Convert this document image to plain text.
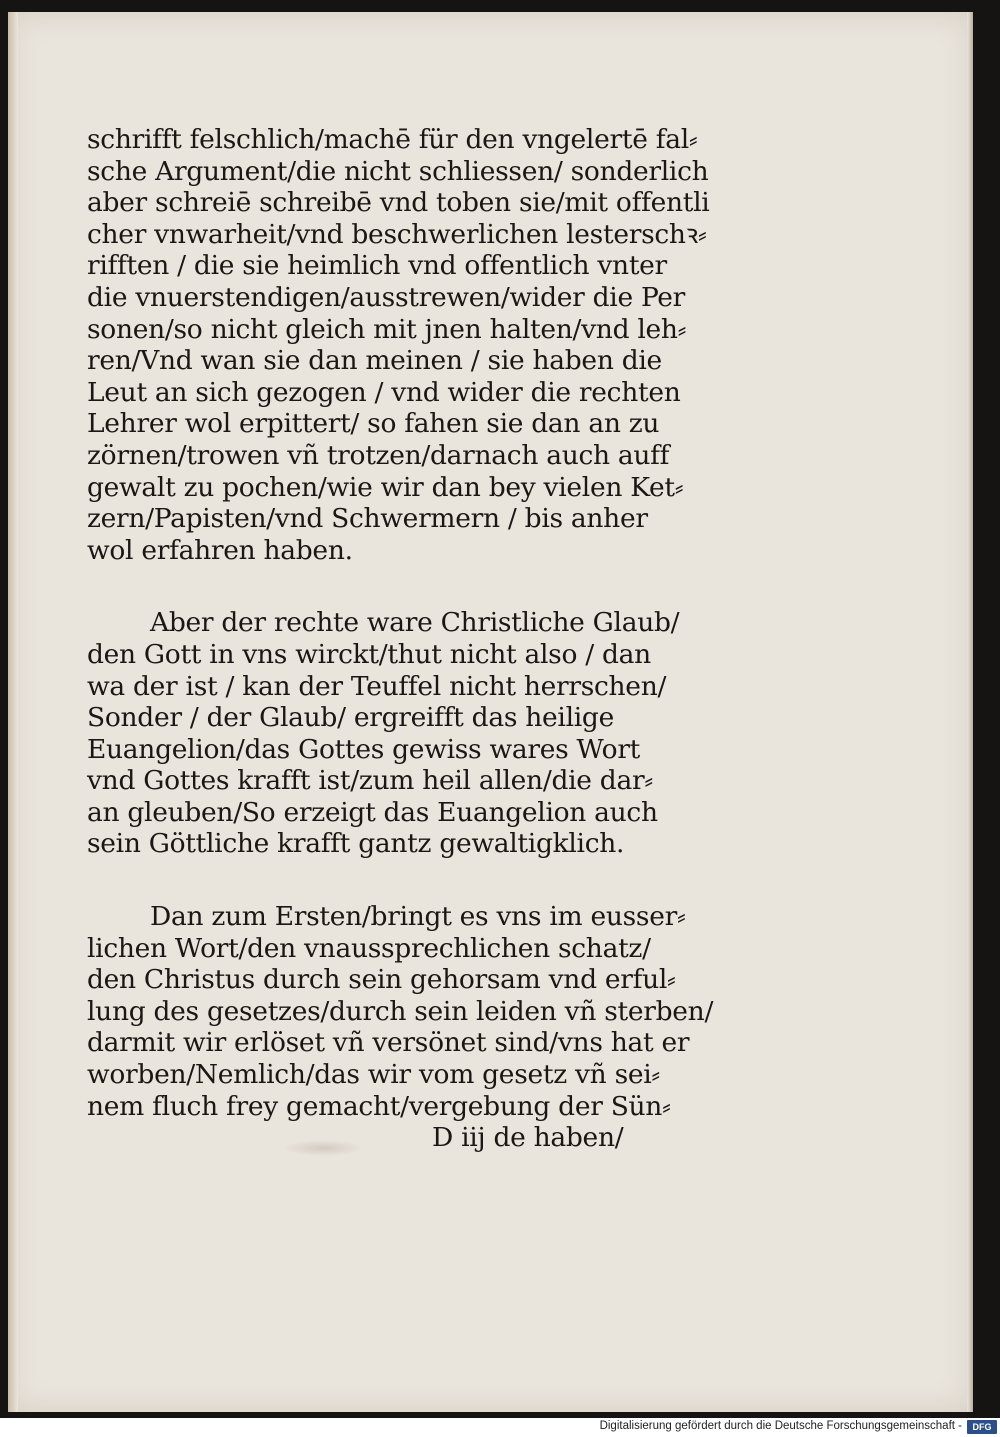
schrifft felschlich/machē für den vngelertē fal⸗
sche Argument/die nicht schliessen/ sonderlich
aber schreiē schreibē vnd toben sie/mit offentli
cher vnwarheit/vnd beschwerlichen lesterschꝛ⸗
rifften / die sie heimlich vnd offentlich vnter
die vnuerstendigen/ausstrewen/wider die Per
sonen/so nicht gleich mit jnen halten/vnd leh⸗
ren/Vnd wan sie dan meinen / sie haben die
Leut an sich gezogen / vnd wider die rechten
Lehrer wol erpittert/ so fahen sie dan an zu
zörnen/trowen vñ trotzen/darnach auch auff
gewalt zu pochen/wie wir dan bey vielen Ket⸗
zern/Papisten/vnd Schwermern / bis anher
wol erfahren haben.
Aber der rechte ware Christliche Glaub/
den Gott in vns wirckt/thut nicht also / dan
wa der ist / kan der Teuffel nicht herrschen/
Sonder / der Glaub/ ergreifft das heilige
Euangelion/das Gottes gewiss wares Wort
vnd Gottes krafft ist/zum heil allen/die dar⸗
an gleuben/So erzeigt das Euangelion auch
sein Göttliche krafft gantz gewaltigklich.
Dan zum Ersten/bringt es vns im eusser⸗
lichen Wort/den vnaussprechlichen schatz/
den Christus durch sein gehorsam vnd erful⸗
lung des gesetzes/durch sein leiden vñ sterben/
darmit wir erlöset vñ versönet sind/vns hat er
worben/Nemlich/das wir vom gesetz vñ sei⸗
nem fluch frey gemacht/vergebung der Sün⸗
D iij de haben/
Digitalisierung gefördert durch die Deutsche Forschungsgemeinschaft -	DFG
